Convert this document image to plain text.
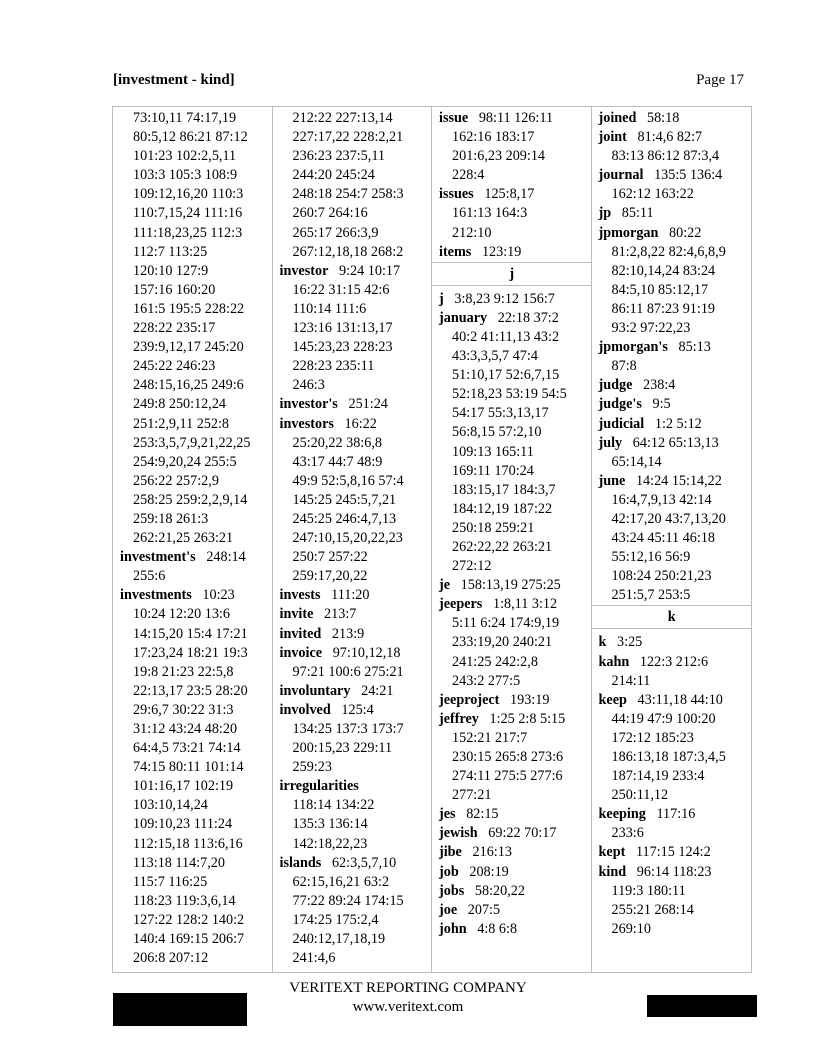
[investment - kind]	Page 17
73:10,11 74:17,19
80:5,12 86:21 87:12
101:23 102:2,5,11
103:3 105:3 108:9
109:12,16,20 110:3
110:7,15,24 111:16
111:18,23,25 112:3
112:7 113:25
120:10 127:9
157:16 160:20
161:5 195:5 228:22
228:22 235:17
239:9,12,17 245:20
245:22 246:23
248:15,16,25 249:6
249:8 250:12,24
251:2,9,11 252:8
253:3,5,7,9,21,22,25
254:9,20,24 255:5
256:22 257:2,9
258:25 259:2,2,9,14
259:18 261:3
262:21,25 263:21
investment's 248:14
255:6
investments 10:23
10:24 12:20 13:6
14:15,20 15:4 17:21
17:23,24 18:21 19:3
19:8 21:23 22:5,8
22:13,17 23:5 28:20
29:6,7 30:22 31:3
31:12 43:24 48:20
64:4,5 73:21 74:14
74:15 80:11 101:14
101:16,17 102:19
103:10,14,24
109:10,23 111:24
112:15,18 113:6,16
113:18 114:7,20
115:7 116:25
118:23 119:3,6,14
127:22 128:2 140:2
140:4 169:15 206:7
206:8 207:12
212:22 227:13,14
227:17,22 228:2,21
236:23 237:5,11
244:20 245:24
248:18 254:7 258:3
260:7 264:16
265:17 266:3,9
267:12,18,18 268:2
investor 9:24 10:17
16:22 31:15 42:6
110:14 111:6
123:16 131:13,17
145:23,23 228:23
228:23 235:11
246:3
investor's 251:24
investors 16:22
25:20,22 38:6,8
43:17 44:7 48:9
49:9 52:5,8,16 57:4
145:25 245:5,7,21
245:25 246:4,7,13
247:10,15,20,22,23
250:7 257:22
259:17,20,22
invests 111:20
invite 213:7
invited 213:9
invoice 97:10,12,18
97:21 100:6 275:21
involuntary 24:21
involved 125:4
134:25 137:3 173:7
200:15,23 229:11
259:23
irregularities
118:14 134:22
135:3 136:14
142:18,22,23
islands 62:3,5,7,10
62:15,16,21 63:2
77:22 89:24 174:15
174:25 175:2,4
240:12,17,18,19
241:4,6
issue 98:11 126:11
162:16 183:17
201:6,23 209:14
228:4
issues 125:8,17
161:13 164:3
212:10
items 123:19
j
j 3:8,23 9:12 156:7
january 22:18 37:2
40:2 41:11,13 43:2
43:3,3,5,7 47:4
51:10,17 52:6,7,15
52:18,23 53:19 54:5
54:17 55:3,13,17
56:8,15 57:2,10
109:13 165:11
169:11 170:24
183:15,17 184:3,7
184:12,19 187:22
250:18 259:21
262:22,22 263:21
272:12
je 158:13,19 275:25
jeepers 1:8,11 3:12
5:11 6:24 174:9,19
233:19,20 240:21
241:25 242:2,8
243:2 277:5
jeeproject 193:19
jeffrey 1:25 2:8 5:15
152:21 217:7
230:15 265:8 273:6
274:11 275:5 277:6
277:21
jes 82:15
jewish 69:22 70:17
jibe 216:13
job 208:19
jobs 58:20,22
joe 207:5
john 4:8 6:8
joined 58:18
joint 81:4,6 82:7
83:13 86:12 87:3,4
journal 135:5 136:4
162:12 163:22
jp 85:11
jpmorgan 80:22
81:2,8,22 82:4,6,8,9
82:10,14,24 83:24
84:5,10 85:12,17
86:11 87:23 91:19
93:2 97:22,23
jpmorgan's 85:13
87:8
judge 238:4
judge's 9:5
judicial 1:2 5:12
july 64:12 65:13,13
65:14,14
june 14:24 15:14,22
16:4,7,9,13 42:14
42:17,20 43:7,13,20
43:24 45:11 46:18
55:12,16 56:9
108:24 250:21,23
251:5,7 253:5
k
k 3:25
kahn 122:3 212:6
214:11
keep 43:11,18 44:10
44:19 47:9 100:20
172:12 185:23
186:13,18 187:3,4,5
187:14,19 233:4
250:11,12
keeping 117:16
233:6
kept 117:15 124:2
kind 96:14 118:23
119:3 180:11
255:21 268:14
269:10
VERITEXT REPORTING COMPANY
www.veritext.com
